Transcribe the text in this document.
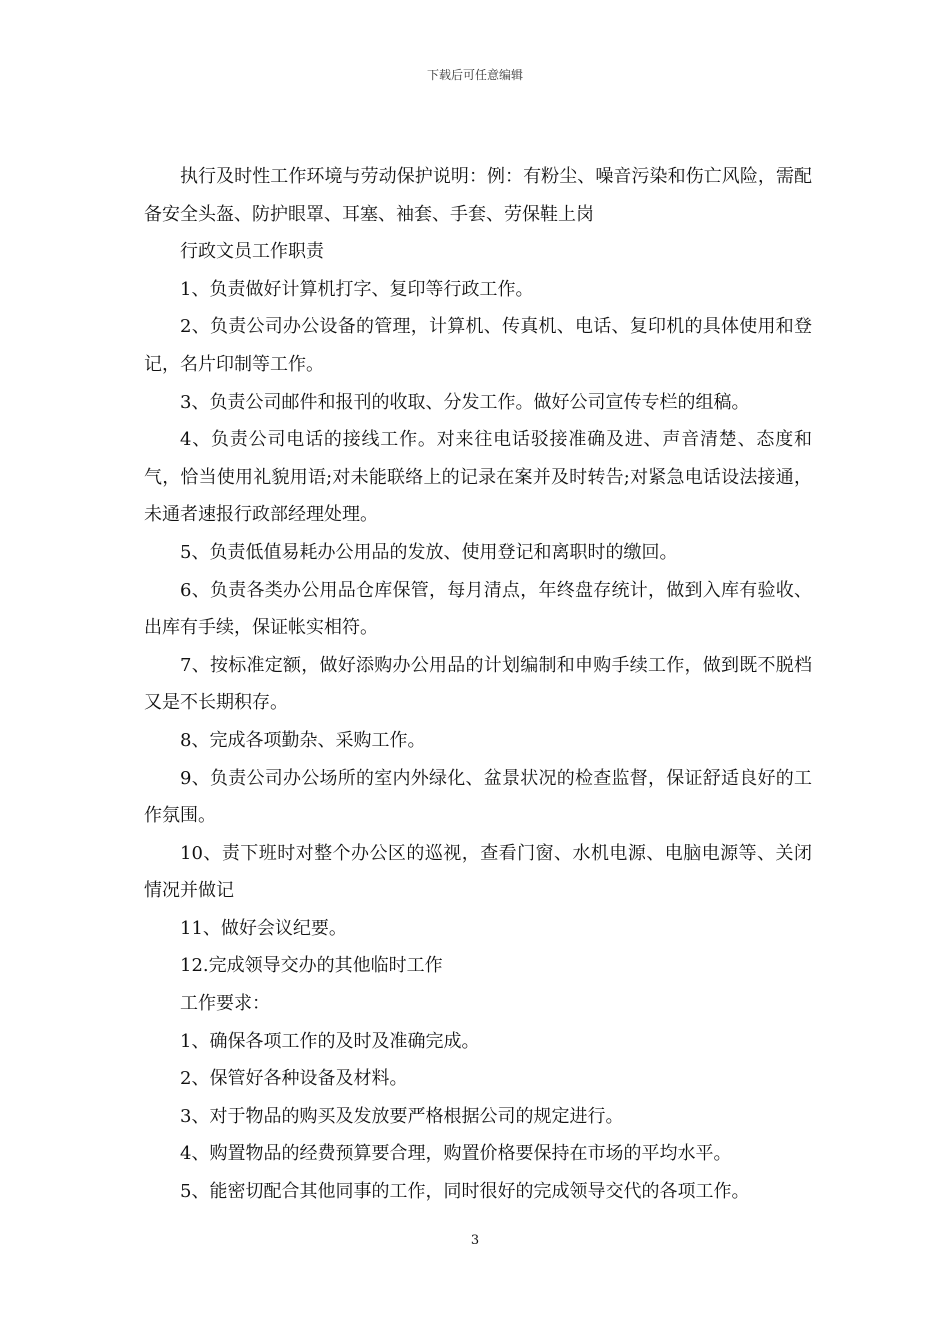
下载后可任意编辑

执行及时性工作环境与劳动保护说明：例：有粉尘、噪音污染和伤亡风险，需配备安全头盔、防护眼罩、耳塞、袖套、手套、劳保鞋上岗

行政文员工作职责

1、负责做好计算机打字、复印等行政工作。

2、负责公司办公设备的管理，计算机、传真机、电话、复印机的具体使用和登记，名片印制等工作。

3、负责公司邮件和报刊的收取、分发工作。做好公司宣传专栏的组稿。

4、负责公司电话的接线工作。对来往电话驳接准确及进、声音清楚、态度和气，恰当使用礼貌用语;对未能联络上的记录在案并及时转告;对紧急电话设法接通，未通者速报行政部经理处理。

5、负责低值易耗办公用品的发放、使用登记和离职时的缴回。

6、负责各类办公用品仓库保管，每月清点，年终盘存统计，做到入库有验收、出库有手续，保证帐实相符。

7、按标准定额，做好添购办公用品的计划编制和申购手续工作，做到既不脱档又是不长期积存。

8、完成各项勤杂、采购工作。

9、负责公司办公场所的室内外绿化、盆景状况的检查监督，保证舒适良好的工作氛围。

10、责下班时对整个办公区的巡视，查看门窗、水机电源、电脑电源等、关闭情况并做记

11、做好会议纪要。

12.完成领导交办的其他临时工作

工作要求：

1、确保各项工作的及时及准确完成。

2、保管好各种设备及材料。

3、对于物品的购买及发放要严格根据公司的规定进行。

4、购置物品的经费预算要合理，购置价格要保持在市场的平均水平。

5、能密切配合其他同事的工作，同时很好的完成领导交代的各项工作。

3
